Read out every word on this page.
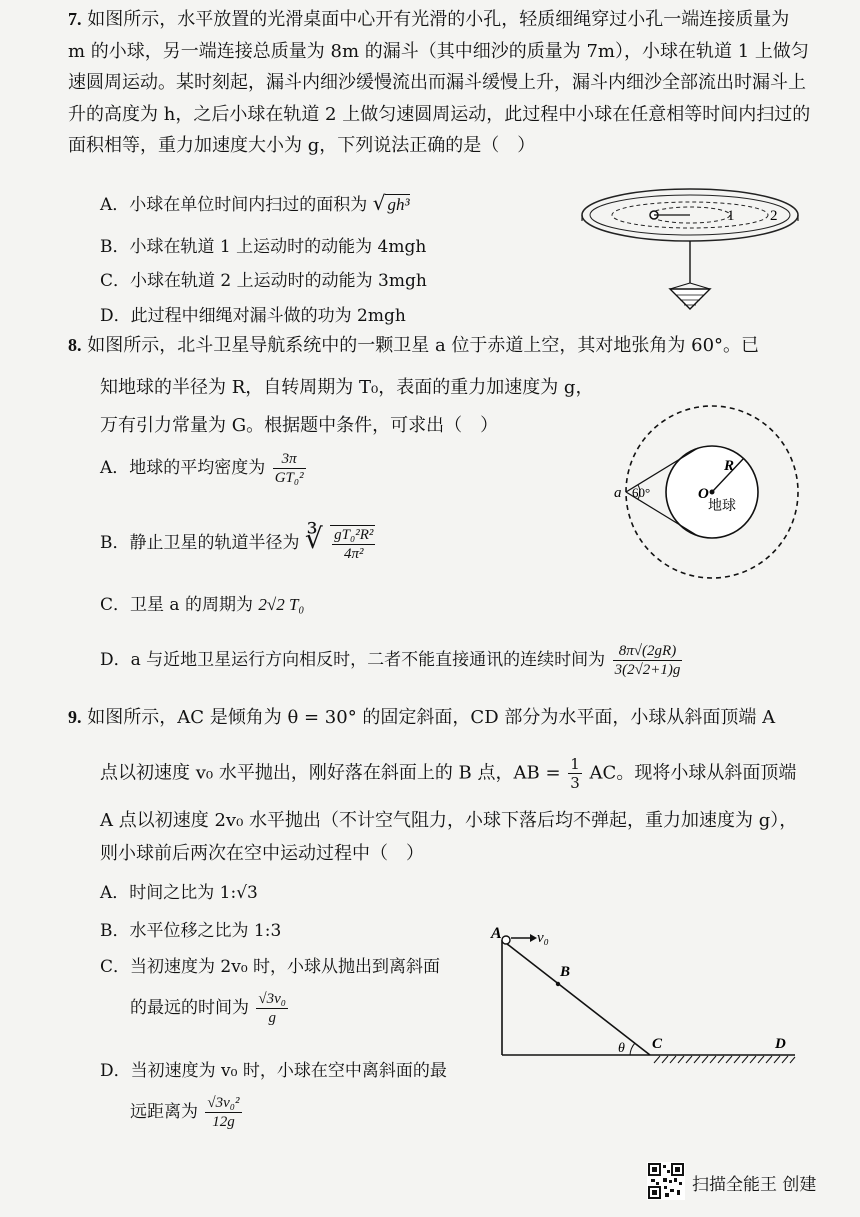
7. 如图所示，水平放置的光滑桌面中心开有光滑的小孔，轻质细绳穿过小孔一端连接质量为 m 的小球，另一端连接总质量为 8m 的漏斗（其中细沙的质量为 7m），小球在轨道 1 上做匀速圆周运动。某时刻起，漏斗内细沙缓慢流出而漏斗缓慢上升，漏斗内细沙全部流出时漏斗上升的高度为 h，之后小球在轨道 2 上做匀速圆周运动，此过程中小球在任意相等时间内扫过的面积相等，重力加速度大小为 g，下列说法正确的是（　）
A．小球在单位时间内扫过的面积为 √ gh³
B．小球在轨道 1 上运动时的动能为 4mgh
C．小球在轨道 2 上运动时的动能为 3mgh
D．此过程中细绳对漏斗做的功为 2mgh
1 2
8. 如图所示，北斗卫星导航系统中的一颗卫星 a 位于赤道上空，其对地张角为 60°。已
知地球的半径为 R，自转周期为 T₀，表面的重力加速度为 g，
万有引力常量为 G。根据题中条件，可求出（　）
A．地球的平均密度为 $\frac{3\pi}{\text{GT₀²}}$
B．静止卫星的轨道半径为 ∛ $\frac{\text{gT₀²R²}}{\text{4π²}}$
C．卫星 a 的周期为 2√2 T₀
D．a 与近地卫星运行方向相反时，二者不能直接通讯的连续时间为 $\frac{8\pi√(2gR)}{3(2√2+1)g}$
a 60°
R
O
地球
9. 如图所示，AC 是倾角为 θ = 30° 的固定斜面，CD 部分为水平面，小球从斜面顶端 A
点以初速度 v₀ 水平抛出，刚好落在斜面上的 B 点，AB = $\frac{1}{3}$ AC。现将小球从斜面顶端
A 点以初速度 2v₀ 水平抛出（不计空气阻力，小球下落后均不弹起，重力加速度为 g），
则小球前后两次在空中运动过程中（　）
A．时间之比为 1:√3
B．水平位移之比为 1:3
C．当初速度为 2v₀ 时，小球从抛出到离斜面
的最远的时间为 $\frac{\text{√3v₀}}{g}$
D．当初速度为 v₀ 时，小球在空中离斜面的最
远距离为 $\frac{\text{√3v₀²}}{12g}$
A v₀
B
θ C	D
扫描全能王 创建
